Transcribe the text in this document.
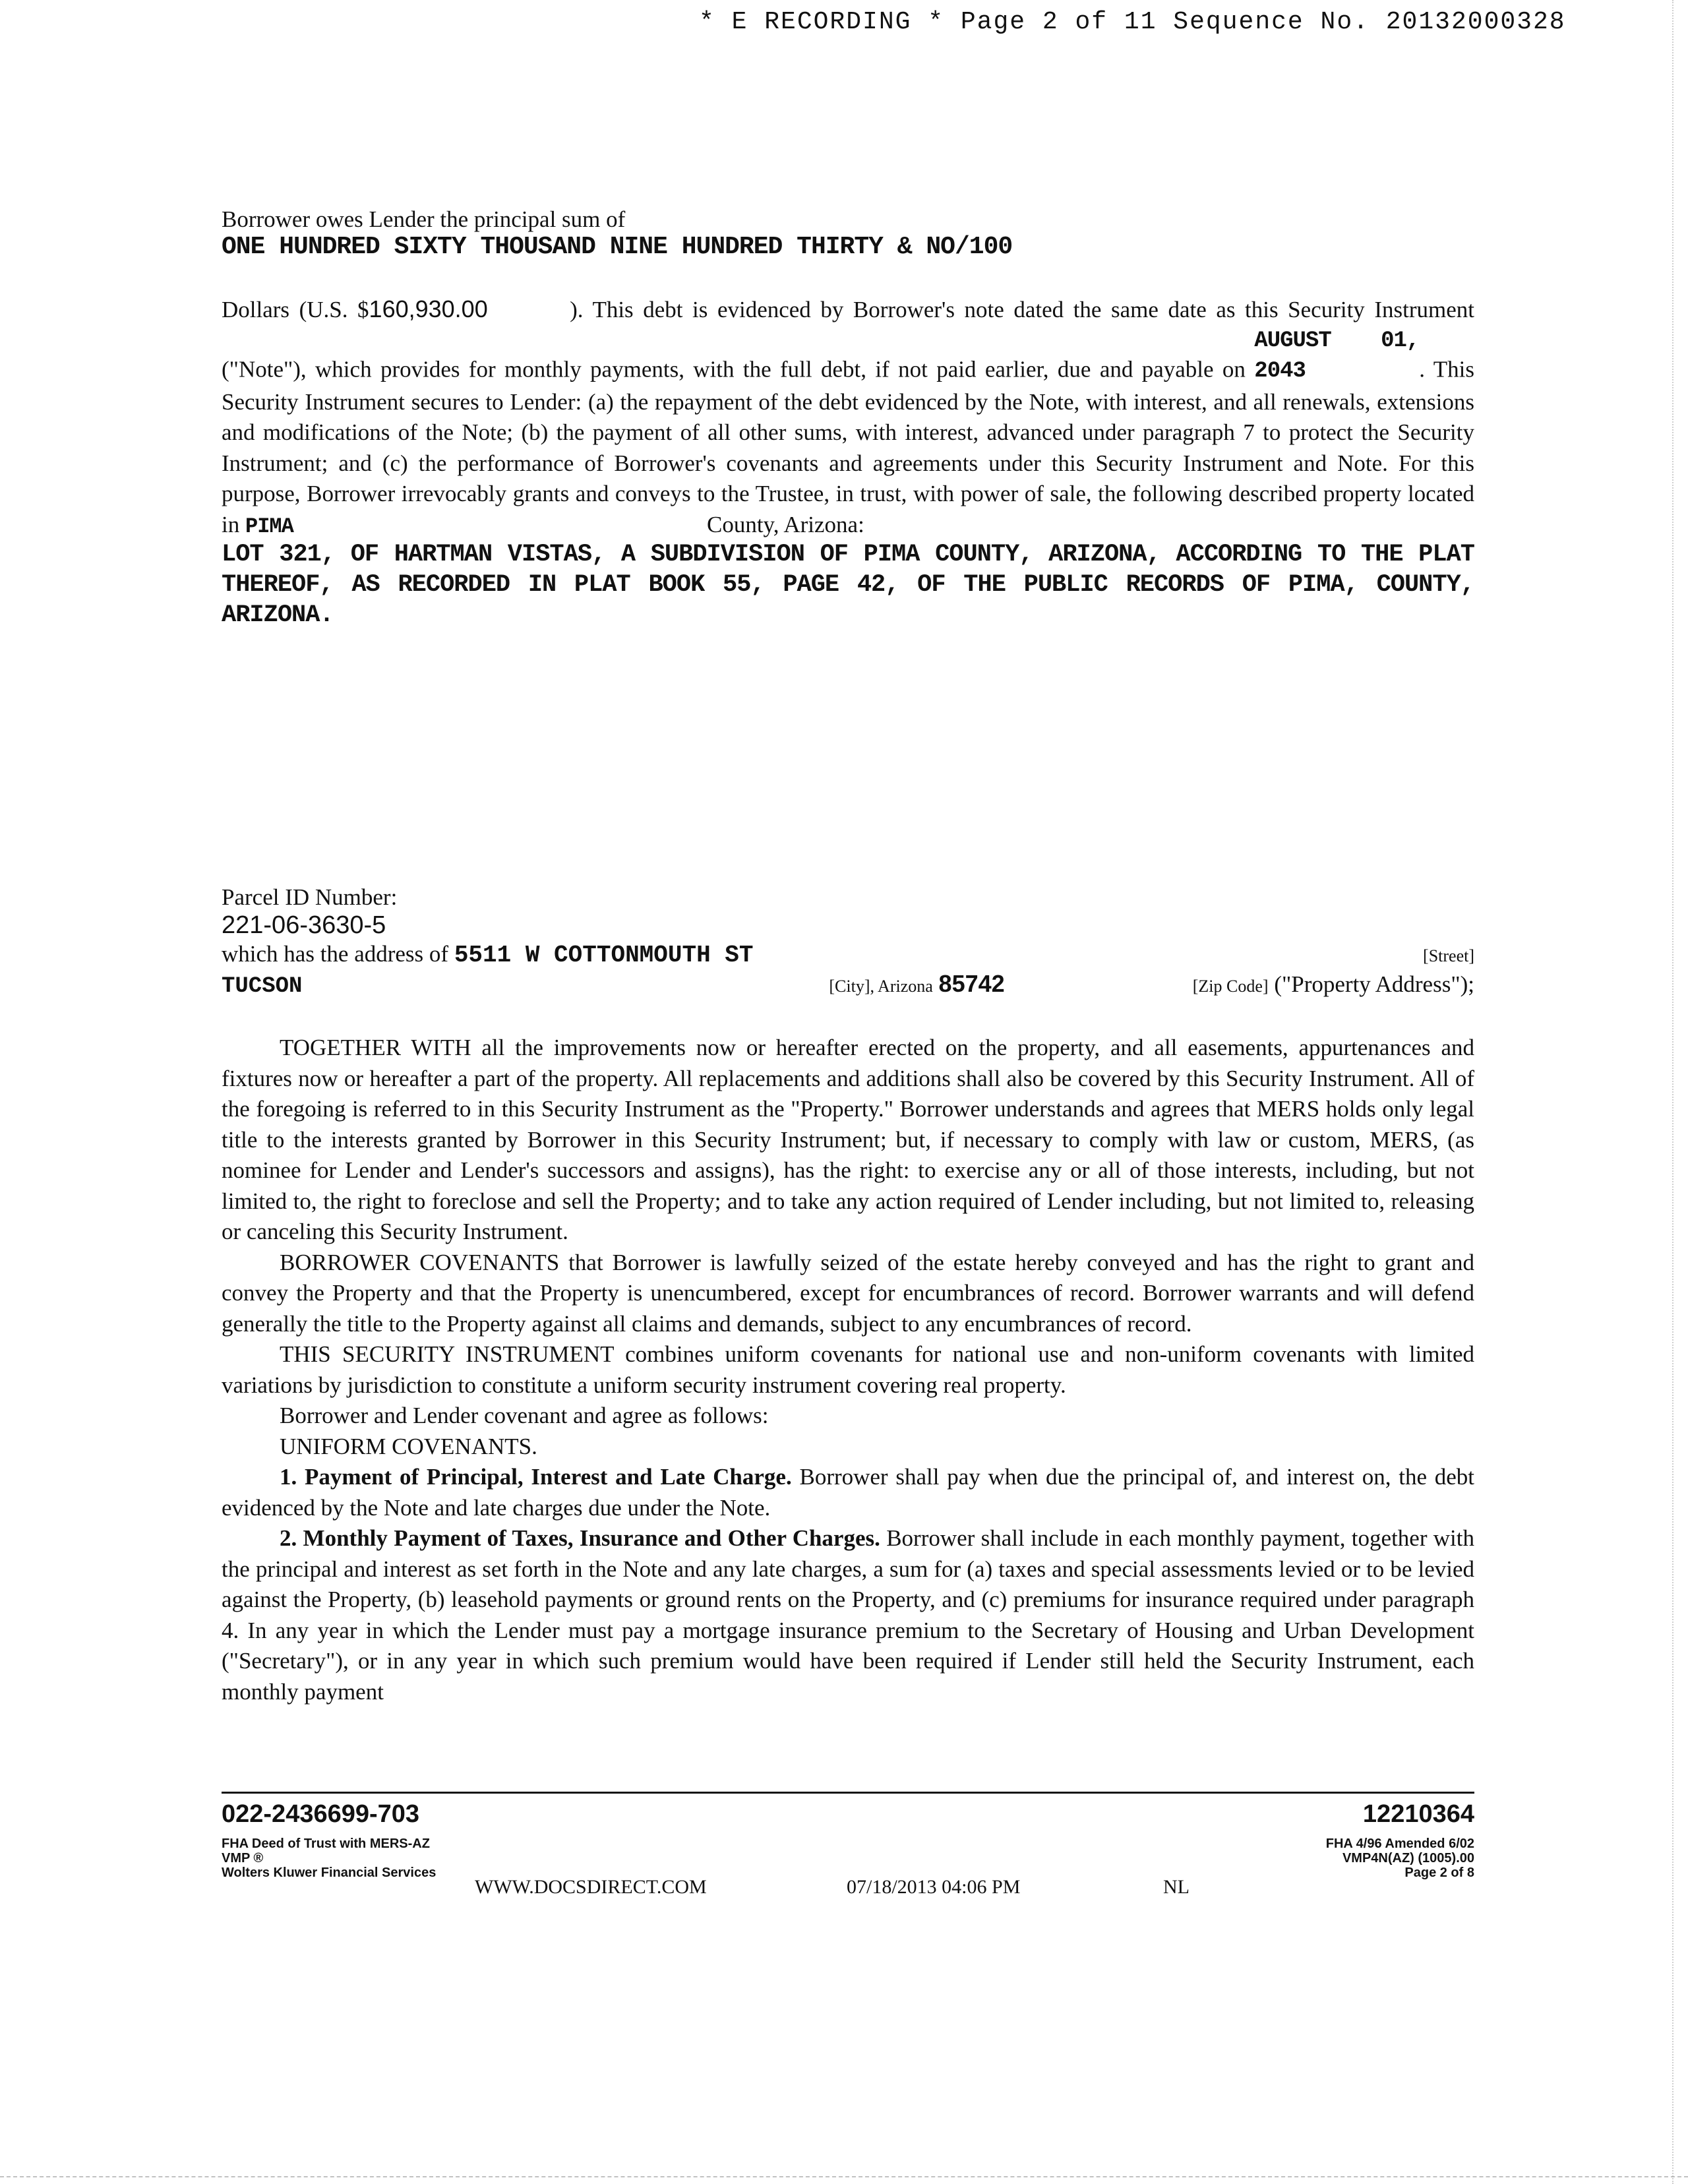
* E RECORDING * Page 2 of 11 Sequence No. 20132000328
Borrower owes Lender the principal sum of
ONE HUNDRED SIXTY THOUSAND NINE HUNDRED THIRTY & NO/100
Dollars (U.S. $160,930.00	). This debt is evidenced by Borrower's note dated the same date as this Security Instrument ("Note"), which provides for monthly payments, with the full debt, if not paid earlier, due and payable on AUGUST 01, 2043	. This Security Instrument secures to Lender: (a) the repayment of the debt evidenced by the Note, with interest, and all renewals, extensions and modifications of the Note; (b) the payment of all other sums, with interest, advanced under paragraph 7 to protect the Security Instrument; and (c) the performance of Borrower's covenants and agreements under this Security Instrument and Note. For this purpose, Borrower irrevocably grants and conveys to the Trustee, in trust, with power of sale, the following described property located in PIMA	County, Arizona:
LOT 321, OF HARTMAN VISTAS, A SUBDIVISION OF PIMA COUNTY, ARIZONA, ACCORDING TO THE PLAT THEREOF, AS RECORDED IN PLAT BOOK 55, PAGE 42, OF THE PUBLIC RECORDS OF PIMA, COUNTY, ARIZONA.
Parcel ID Number:
221-06-3630-5
which has the address of 5511 W COTTONMOUTH ST	[Street]
TUCSON	[City], Arizona 85742	[Zip Code] ("Property Address");

TOGETHER WITH all the improvements now or hereafter erected on the property, and all easements, appurtenances and fixtures now or hereafter a part of the property. All replacements and additions shall also be covered by this Security Instrument. All of the foregoing is referred to in this Security Instrument as the "Property." Borrower understands and agrees that MERS holds only legal title to the interests granted by Borrower in this Security Instrument; but, if necessary to comply with law or custom, MERS, (as nominee for Lender and Lender's successors and assigns), has the right: to exercise any or all of those interests, including, but not limited to, the right to foreclose and sell the Property; and to take any action required of Lender including, but not limited to, releasing or canceling this Security Instrument.

BORROWER COVENANTS that Borrower is lawfully seized of the estate hereby conveyed and has the right to grant and convey the Property and that the Property is unencumbered, except for encumbrances of record. Borrower warrants and will defend generally the title to the Property against all claims and demands, subject to any encumbrances of record.

THIS SECURITY INSTRUMENT combines uniform covenants for national use and non-uniform covenants with limited variations by jurisdiction to constitute a uniform security instrument covering real property.

Borrower and Lender covenant and agree as follows:

UNIFORM COVENANTS.

1. Payment of Principal, Interest and Late Charge. Borrower shall pay when due the principal of, and interest on, the debt evidenced by the Note and late charges due under the Note.

2. Monthly Payment of Taxes, Insurance and Other Charges. Borrower shall include in each monthly payment, together with the principal and interest as set forth in the Note and any late charges, a sum for (a) taxes and special assessments levied or to be levied against the Property, (b) leasehold payments or ground rents on the Property, and (c) premiums for insurance required under paragraph 4. In any year in which the Lender must pay a mortgage insurance premium to the Secretary of Housing and Urban Development ("Secretary"), or in any year in which such premium would have been required if Lender still held the Security Instrument, each monthly payment

022-2436699-703	12210364
FHA Deed of Trust with MERS-AZ
VMP ®
Wolters Kluwer Financial Services
FHA 4/96 Amended 6/02
VMP4N(AZ) (1005).00
Page 2 of 8
WWW.DOCSDIRECT.COM	07/18/2013 04:06 PM	NL
